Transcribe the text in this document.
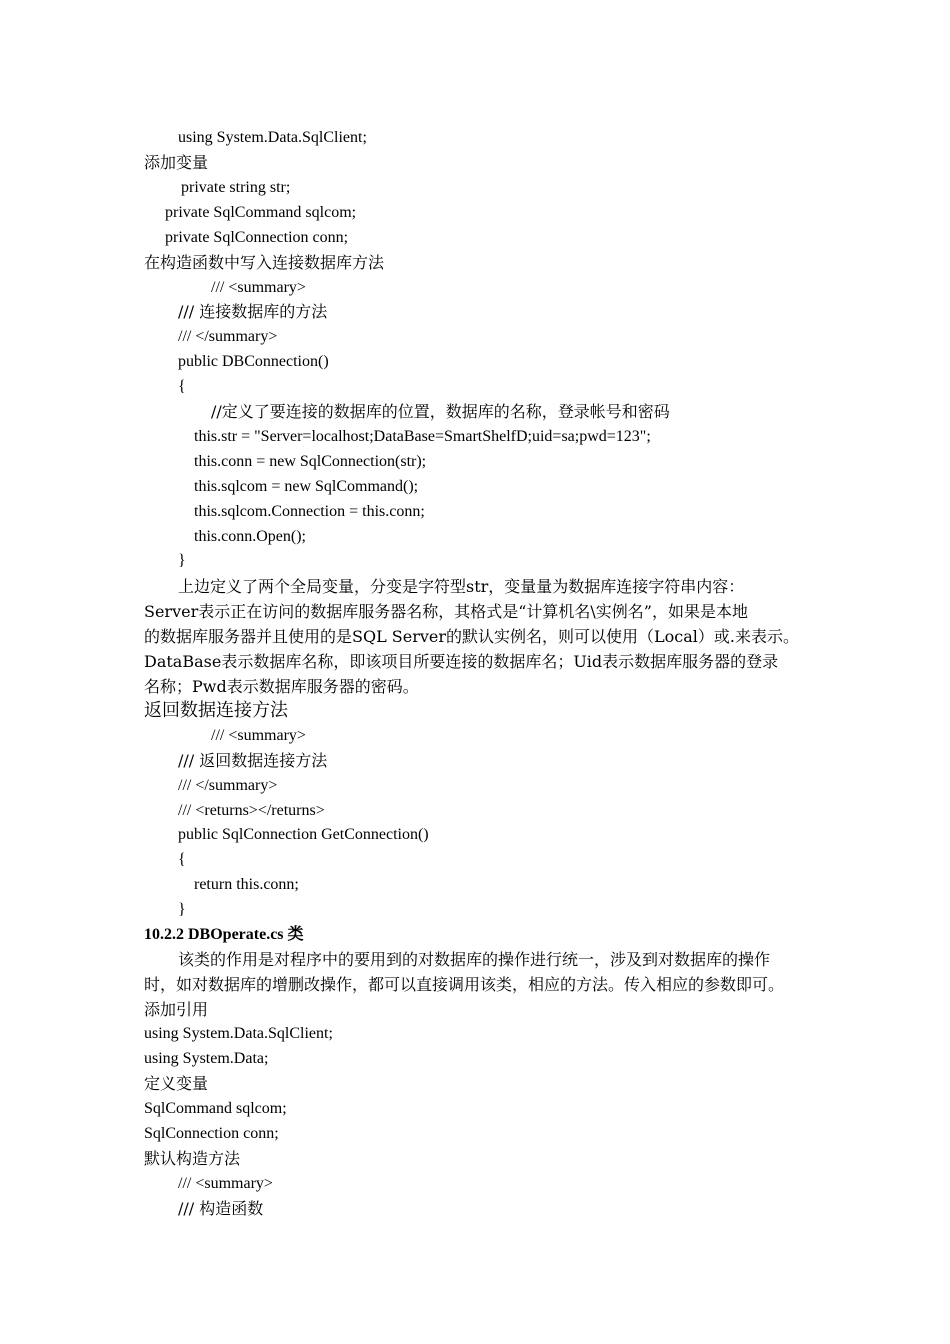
using System.Data.SqlClient;
添加变量
private string str;
private SqlCommand sqlcom;
private SqlConnection conn;
在构造函数中写入连接数据库方法
/// <summary>
/// 连接数据库的方法
/// </summary>
public DBConnection()
{
//定义了要连接的数据库的位置，数据库的名称，登录帐号和密码
this.str = "Server=localhost;DataBase=SmartShelfD;uid=sa;pwd=123";
this.conn = new SqlConnection(str);
this.sqlcom = new SqlCommand();
this.sqlcom.Connection = this.conn;
this.conn.Open();
}
上边定义了两个全局变量，分变是字符型str，变量量为数据库连接字符串内容：
Server表示正在访问的数据库服务器名称，其格式是“计算机名\实例名”，如果是本地
的数据库服务器并且使用的是SQL Server的默认实例名，则可以使用（Local）或.来表示。
DataBase表示数据库名称，即该项目所要连接的数据库名；Uid表示数据库服务器的登录
名称；Pwd表示数据库服务器的密码。
返回数据连接方法
/// <summary>
/// 返回数据连接方法
/// </summary>
/// <returns></returns>
public SqlConnection GetConnection()
{
return this.conn;
}
10.2.2 DBOperate.cs 类
该类的作用是对程序中的要用到的对数据库的操作进行统一，涉及到对数据库的操作
时，如对数据库的增删改操作，都可以直接调用该类，相应的方法。传入相应的参数即可。
添加引用
using System.Data.SqlClient;
using System.Data;
定义变量
SqlCommand sqlcom;
SqlConnection conn;
默认构造方法
/// <summary>
/// 构造函数
